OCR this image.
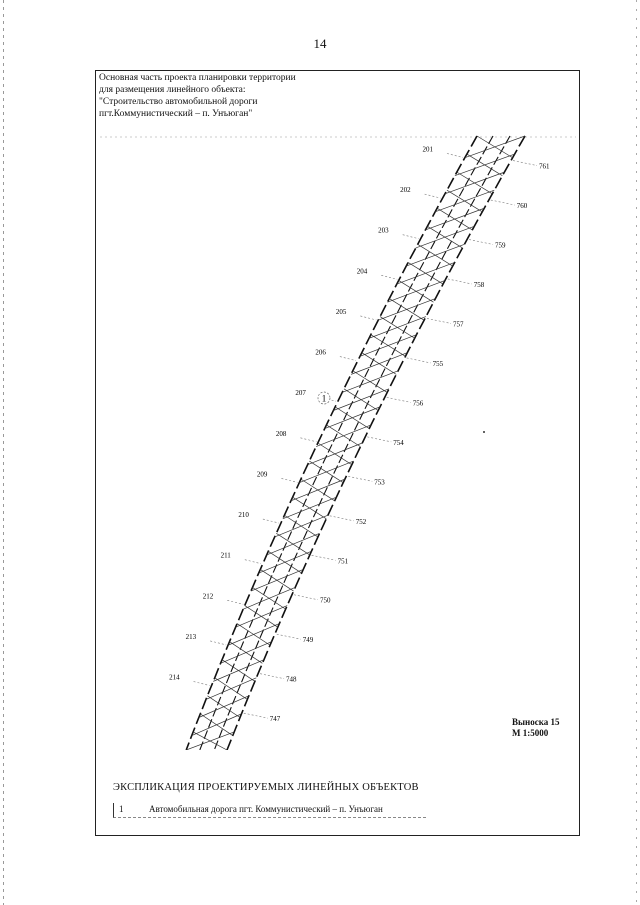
14
Основная часть проекта планировки территории
для размещения линейного объекта:
"Строительство автомобильной дороги
пгт.Коммунистический – п. Унъюган"
201
202
203
204
205
206
207
208
209
210
211
212
213
214
761
760
759
758
757
755
756
754
753
752
751
750
749
748
747
1
Выноска 15
М 1:5000
ЭКСПЛИКАЦИЯ ПРОЕКТИРУЕМЫХ ЛИНЕЙНЫХ ОБЪЕКТОВ
1	Автомобильная дорога пгт. Коммунистический – п. Унъюган
